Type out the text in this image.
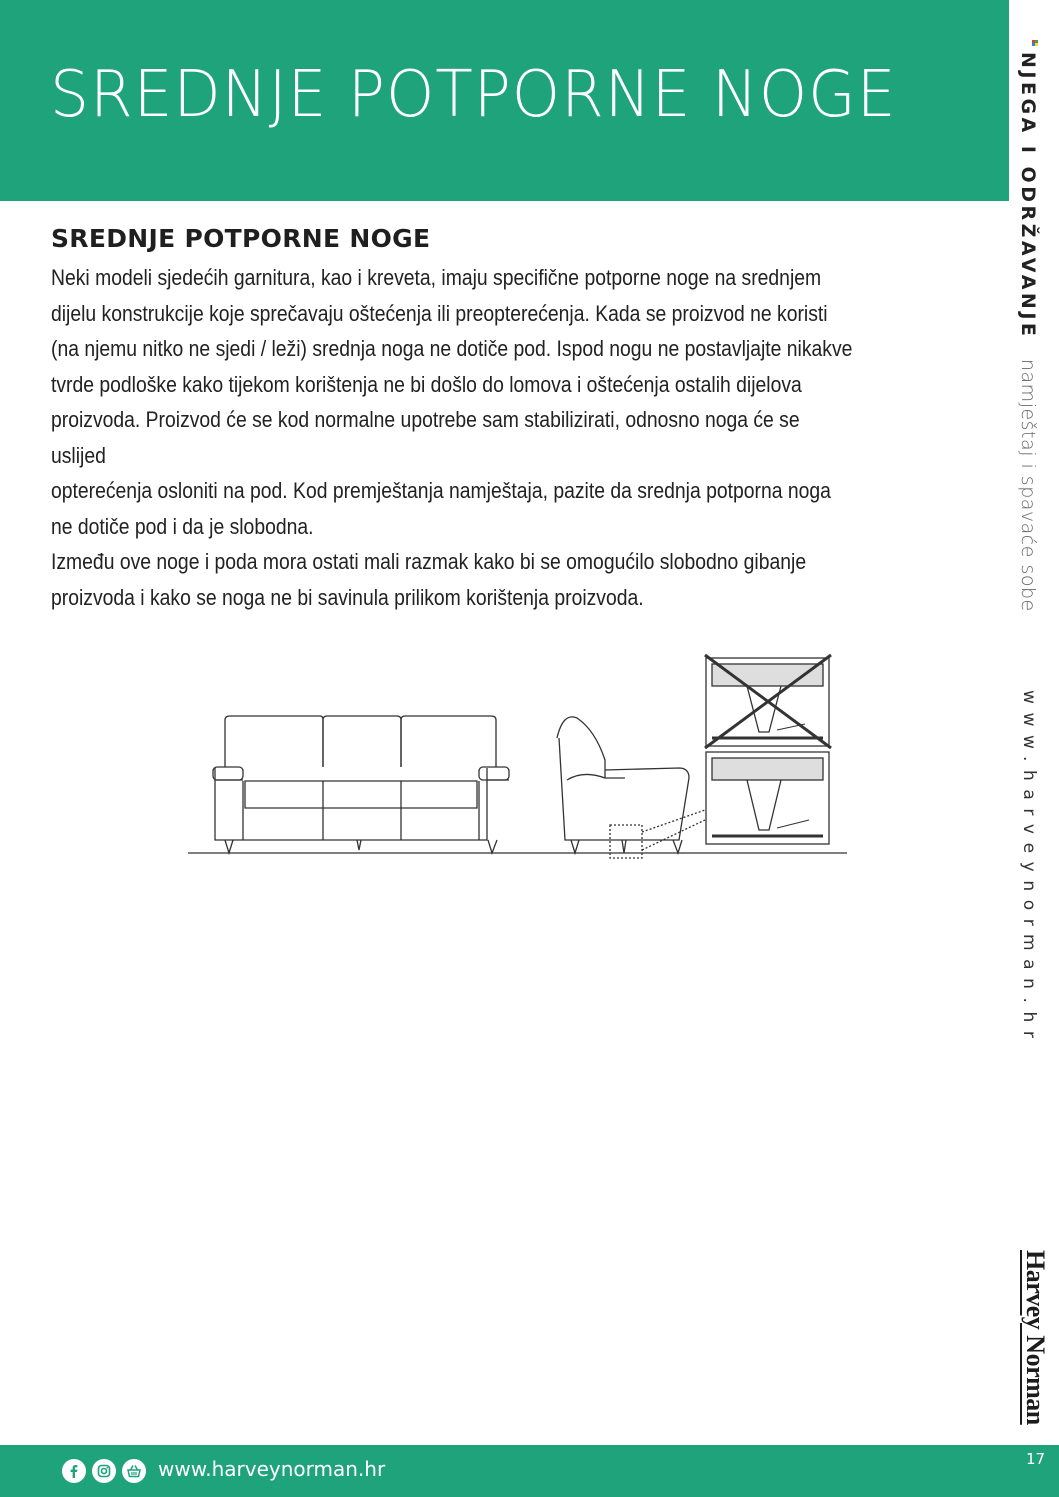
SREDNJE POTPORNE NOGE
SREDNJE POTPORNE NOGE

Neki modeli sjedećih garnitura, kao i kreveta, imaju specifične potporne noge na srednjem
dijelu konstrukcije koje sprečavaju oštećenja ili preopterećenja. Kada se proizvod ne koristi
(na njemu nitko ne sjedi / leži) srednja noga ne dotiče pod. Ispod nogu ne postavljajte nikakve
tvrde podloške kako tijekom korištenja ne bi došlo do lomova i oštećenja ostalih dijelova
proizvoda. Proizvod će se kod normalne upotrebe sam stabilizirati, odnosno noga će se uslijed
opterećenja osloniti na pod. Kod premještanja namještaja, pazite da srednja potporna noga
ne dotiče pod i da je slobodna.

Između ove noge i poda mora ostati mali razmak kako bi se omogućilo slobodno gibanje
proizvoda i kako se noga ne bi savinula prilikom korištenja proizvoda.

NJEGA I ODRŽAVANJE namještaj i spavaće sobe
www.harveynorman.hr
Harvey Norman
www.harveynorman.hr	17
